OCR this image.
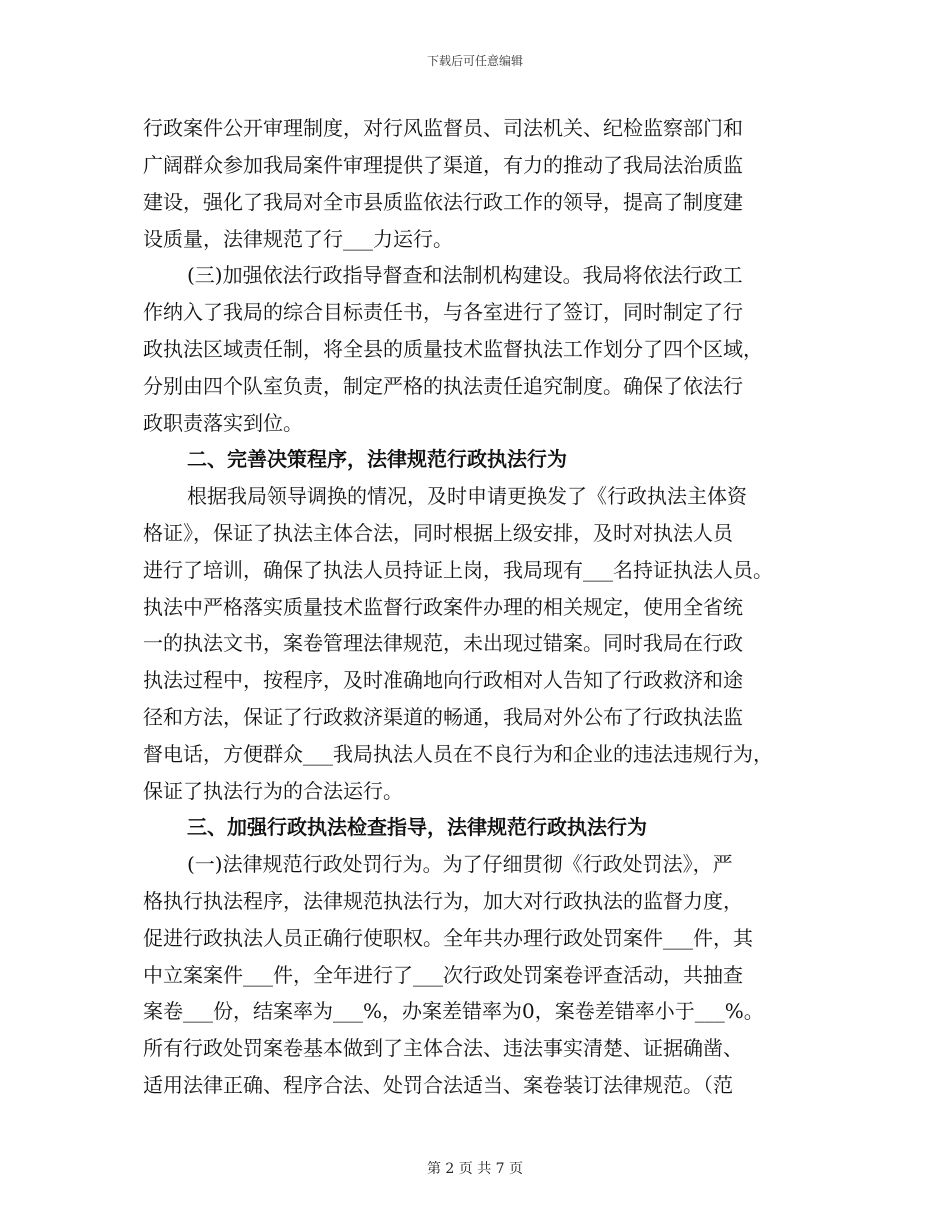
下载后可任意编辑
行政案件公开审理制度，对行风监督员、司法机关、纪检监察部门和
广阔群众参加我局案件审理提供了渠道，有力的推动了我局法治质监
建设，强化了我局对全市县质监依法行政工作的领导，提高了制度建
设质量，法律规范了行___力运行。
(三)加强依法行政指导督查和法制机构建设。我局将依法行政工
作纳入了我局的综合目标责任书，与各室进行了签订，同时制定了行
政执法区域责任制，将全县的质量技术监督执法工作划分了四个区域，
分别由四个队室负责，制定严格的执法责任追究制度。确保了依法行
政职责落实到位。
二、完善决策程序，法律规范行政执法行为
根据我局领导调换的情况，及时申请更换发了《行政执法主体资
格证》，保证了执法主体合法，同时根据上级安排，及时对执法人员
进行了培训，确保了执法人员持证上岗，我局现有___名持证执法人员。
执法中严格落实质量技术监督行政案件办理的相关规定，使用全省统
一的执法文书，案卷管理法律规范，未出现过错案。同时我局在行政
执法过程中，按程序，及时准确地向行政相对人告知了行政救济和途
径和方法，保证了行政救济渠道的畅通，我局对外公布了行政执法监
督电话，方便群众___我局执法人员在不良行为和企业的违法违规行为，
保证了执法行为的合法运行。
三、加强行政执法检查指导，法律规范行政执法行为
(一)法律规范行政处罚行为。为了仔细贯彻《行政处罚法》，严
格执行执法程序，法律规范执法行为，加大对行政执法的监督力度，
促进行政执法人员正确行使职权。全年共办理行政处罚案件___件，其
中立案案件___件，全年进行了___次行政处罚案卷评查活动，共抽查
案卷___份，结案率为___%，办案差错率为0，案卷差错率小于___%。
所有行政处罚案卷基本做到了主体合法、违法事实清楚、证据确凿、
适用法律正确、程序合法、处罚合法适当、案卷装订法律规范。（范
第 2 页 共 7 页
